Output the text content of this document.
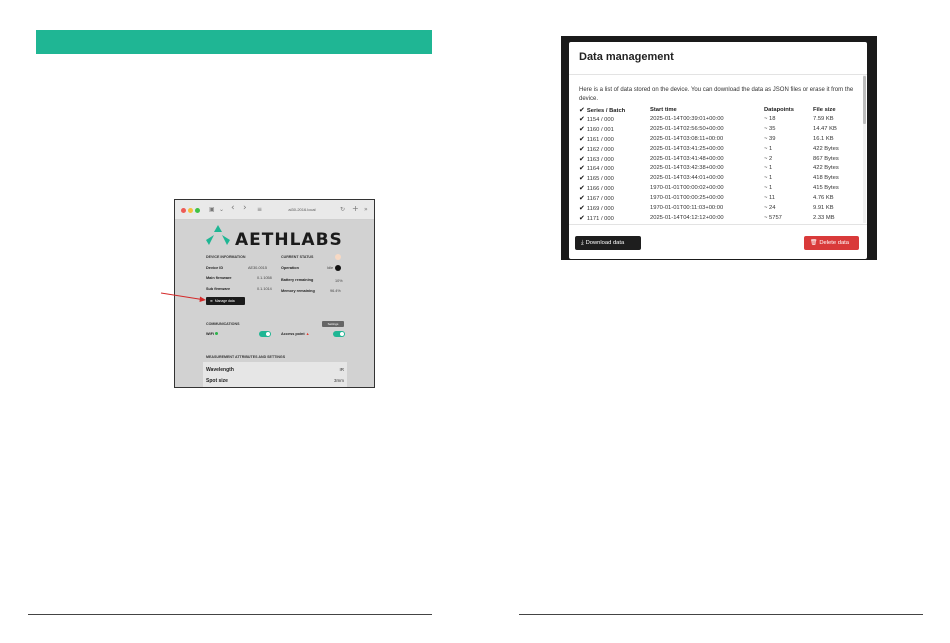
▣ ⌄ ‹ › ≡	ai30-2016.local	↻ + »
AETHLABS
DEVICE INFORMATION
Device ID	AE30-0015
Main firmware	0.1.1058
Sub firmware	0.1.1014
CURRENT STATUS
Operation	Idle
Battery remaining	10%
Memory remaining	96.4%
≡ Manage data
COMMUNICATIONS	Settings
WiFi	Access point ▲
MEASUREMENT ATTRIBUTES AND SETTINGS
Wavelength	IR
Spot size	3mm
Data management
Here is a list of data stored on the device. You can download the data as JSON files or erase it from the device.
✔ Series / Batch	Start time	Datapoints	File size
✔ 1154 / 000	2025-01-14T00:39:01+00:00	~ 18	7.59 KB
✔ 1160 / 001	2025-01-14T02:56:50+00:00	~ 35	14.47 KB
✔ 1161 / 000	2025-01-14T03:08:11+00:00	~ 39	16.1 KB
✔ 1162 / 000	2025-01-14T03:41:25+00:00	~ 1	422 Bytes
✔ 1163 / 000	2025-01-14T03:41:48+00:00	~ 2	867 Bytes
✔ 1164 / 000	2025-01-14T03:42:38+00:00	~ 1	422 Bytes
✔ 1165 / 000	2025-01-14T03:44:01+00:00	~ 1	418 Bytes
✔ 1166 / 000	1970-01-01T00:00:02+00:00	~ 1	415 Bytes
✔ 1167 / 000	1970-01-01T00:00:25+00:00	~ 11	4.76 KB
✔ 1169 / 000	1970-01-01T00:11:03+00:00	~ 24	9.91 KB
✔ 1171 / 000	2025-01-14T04:12:12+00:00	~ 5757	2.33 MB
⤓ Download data	🗑 Delete data
